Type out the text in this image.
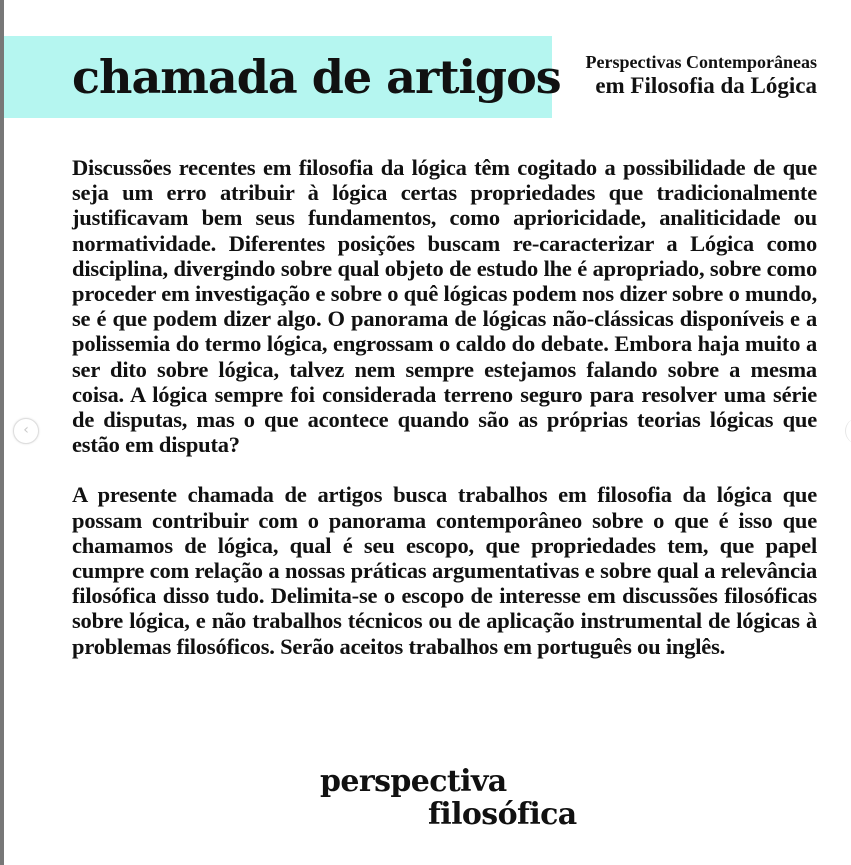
chamada de artigos Perspectivas Contemporâneas
em Filosofia da Lógica

Discussões recentes em filosofia da lógica têm cogitado a possibilidade de que seja um erro atribuir à lógica certas propriedades que tradicionalmente justificavam bem seus fundamentos, como aprioricidade, analiticidade ou normatividade. Diferentes posições buscam re-caracterizar a Lógica como disciplina, divergindo sobre qual objeto de estudo lhe é apropriado, sobre como proceder em investigação e sobre o quê lógicas podem nos dizer sobre o mundo, se é que podem dizer algo. O panorama de lógicas não-clássicas disponíveis e a polissemia do termo lógica, engrossam o caldo do debate. Embora haja muito a ser dito sobre lógica, talvez nem sempre estejamos falando sobre a mesma coisa. A lógica sempre foi considerada terreno seguro para resolver uma série de disputas, mas o que acontece quando são as próprias teorias lógicas que estão em disputa?

A presente chamada de artigos busca trabalhos em filosofia da lógica que possam contribuir com o panorama contemporâneo sobre o que é isso que chamamos de lógica, qual é seu escopo, que propriedades tem, que papel cumpre com relação a nossas práticas argumentativas e sobre qual a relevância filosófica disso tudo. Delimita-se o escopo de interesse em discussões filosóficas sobre lógica, e não trabalhos técnicos ou de aplicação instrumental de lógicas à problemas filosóficos. Serão aceitos trabalhos em português ou inglês.

‹
perspectiva
filosófica
